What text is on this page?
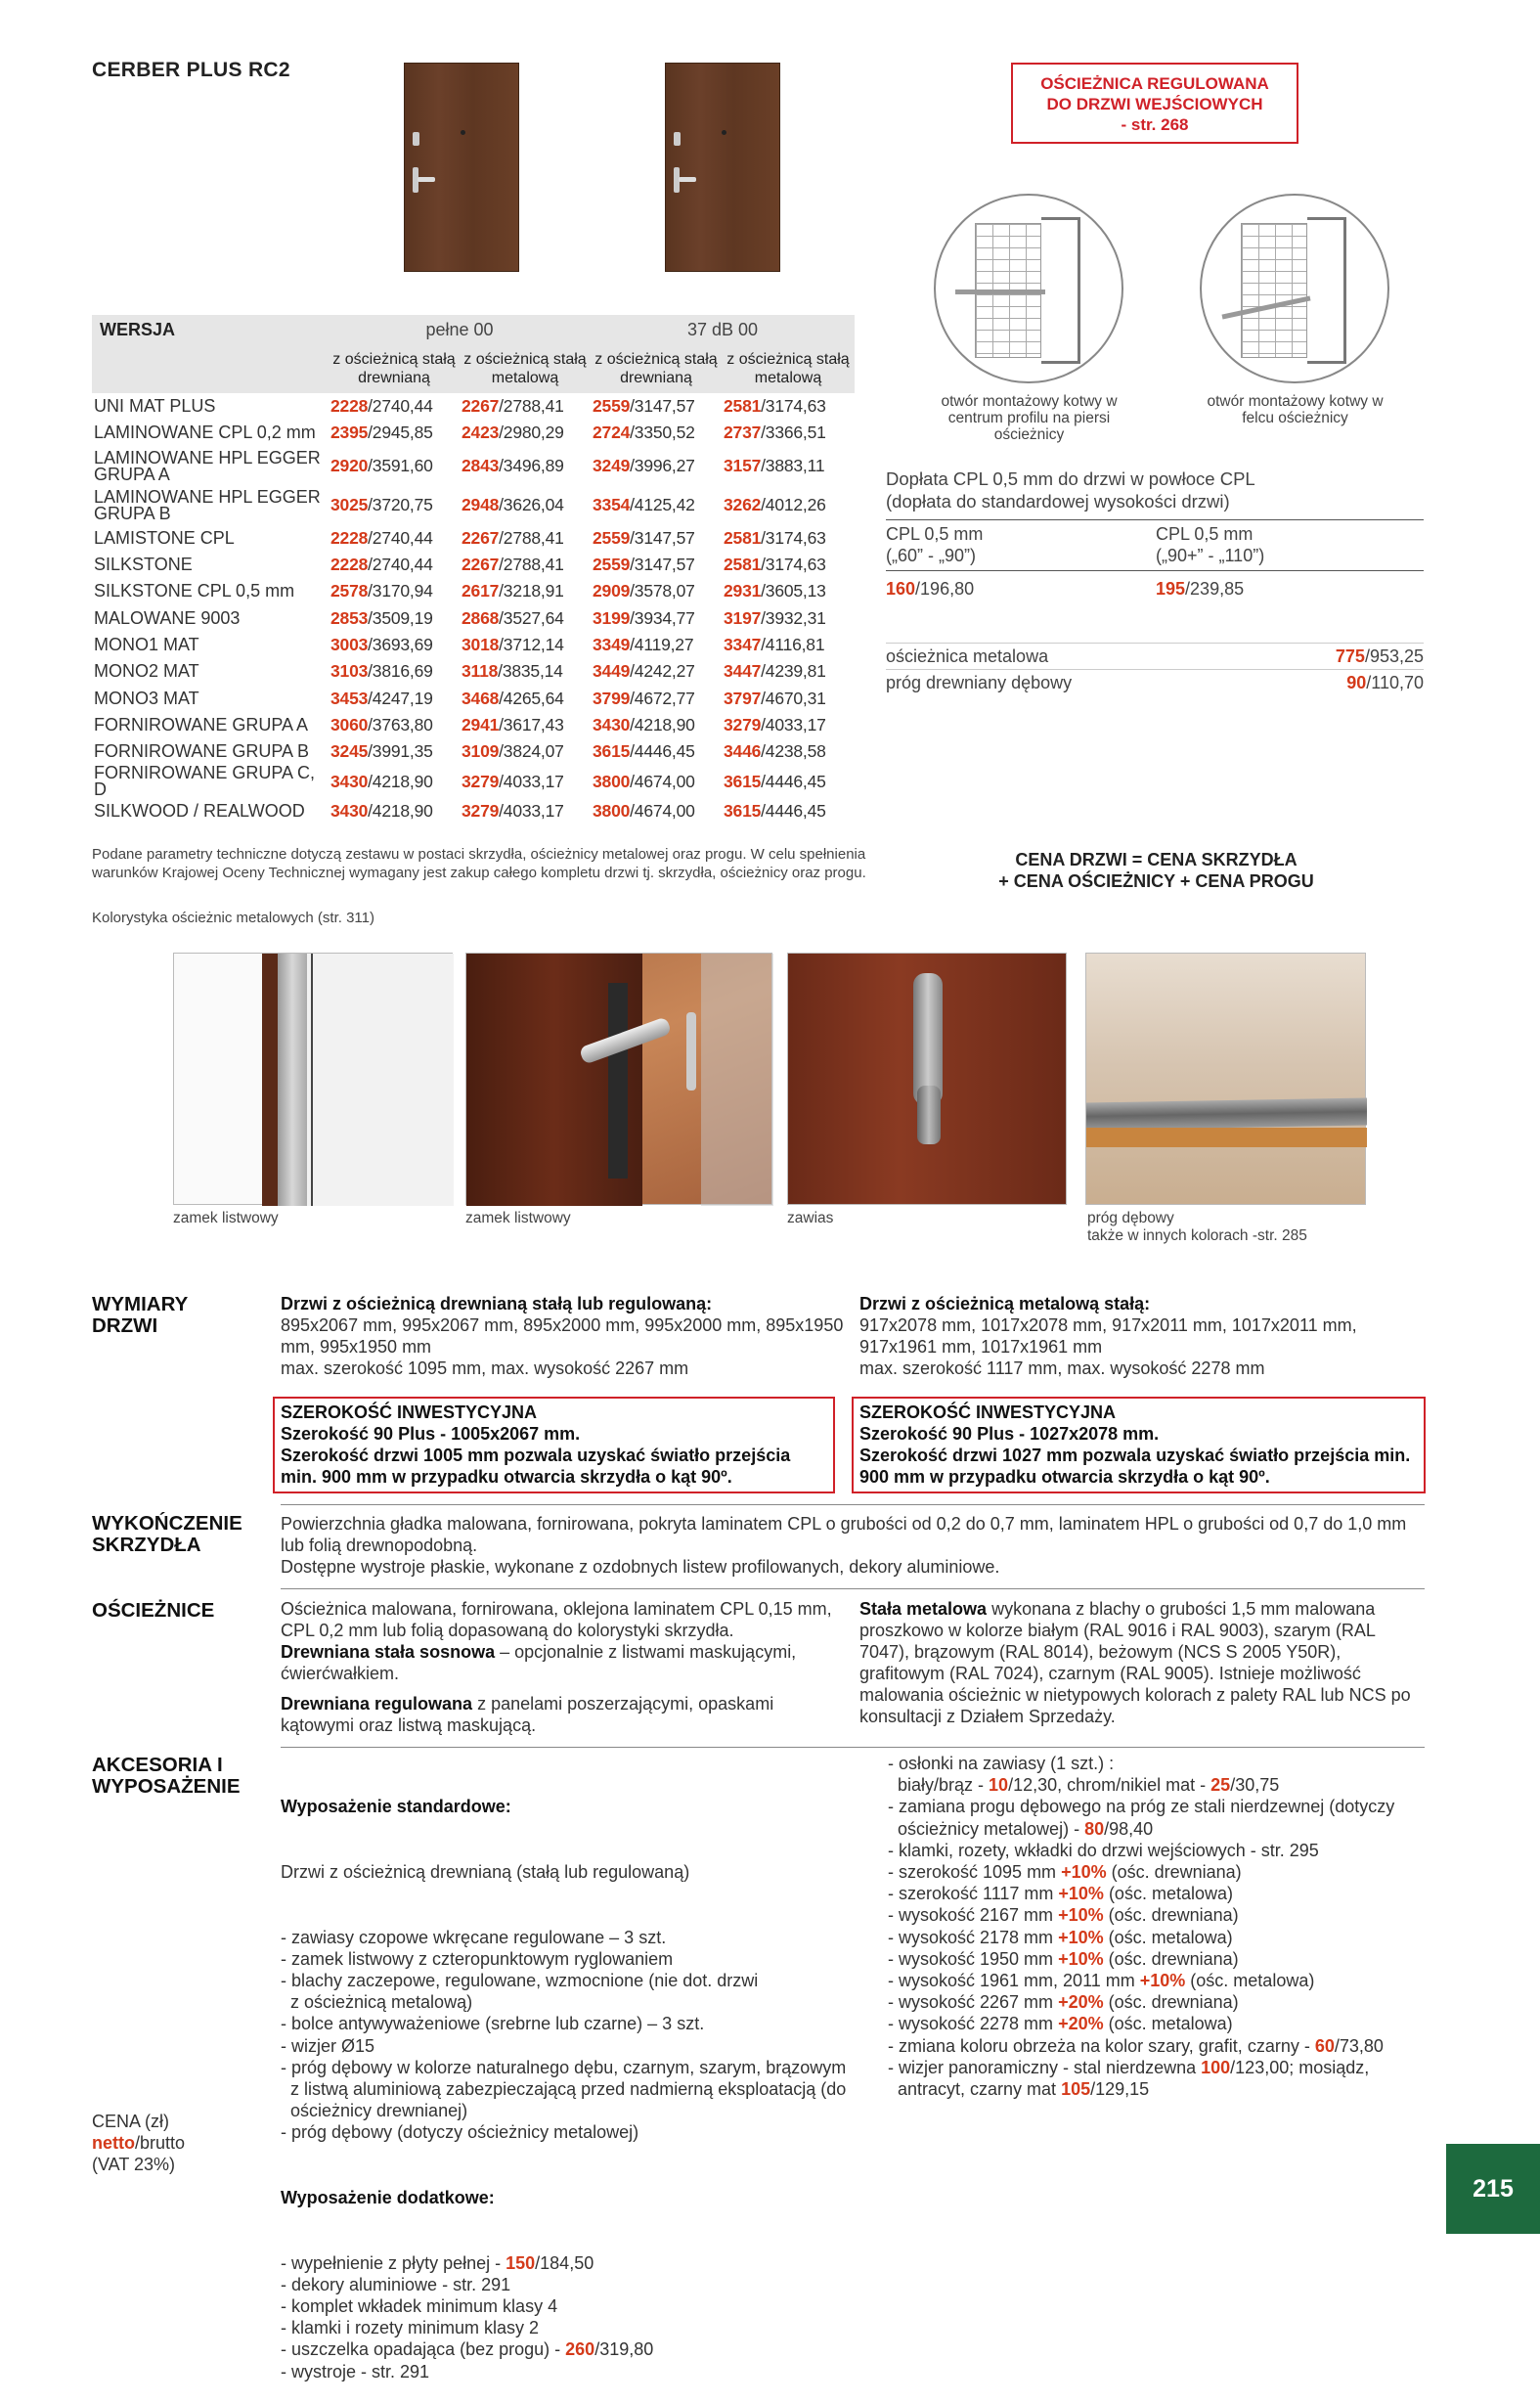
CERBER PLUS RC2
OŚCIEŻNICA REGULOWANA
DO DRZWI WEJŚCIOWYCH
- str. 268
WERSJA	pełne 00		37 dB 00	
	z ościeżnicą stałą drewnianą	z ościeżnicą stałą metalową	z ościeżnicą stałą drewnianą	z ościeżnicą stałą metalową
UNI MAT PLUS	2228/2740,44	2267/2788,41	2559/3147,57	2581/3174,63
LAMINOWANE CPL 0,2 mm	2395/2945,85	2423/2980,29	2724/3350,52	2737/3366,51
LAMINOWANE HPL EGGER GRUPA A	2920/3591,60	2843/3496,89	3249/3996,27	3157/3883,11
LAMINOWANE HPL EGGER GRUPA B	3025/3720,75	2948/3626,04	3354/4125,42	3262/4012,26
LAMISTONE CPL	2228/2740,44	2267/2788,41	2559/3147,57	2581/3174,63
SILKSTONE	2228/2740,44	2267/2788,41	2559/3147,57	2581/3174,63
SILKSTONE CPL 0,5 mm	2578/3170,94	2617/3218,91	2909/3578,07	2931/3605,13
MALOWANE 9003	2853/3509,19	2868/3527,64	3199/3934,77	3197/3932,31
MONO1 MAT	3003/3693,69	3018/3712,14	3349/4119,27	3347/4116,81
MONO2 MAT	3103/3816,69	3118/3835,14	3449/4242,27	3447/4239,81
MONO3 MAT	3453/4247,19	3468/4265,64	3799/4672,77	3797/4670,31
FORNIROWANE GRUPA A	3060/3763,80	2941/3617,43	3430/4218,90	3279/4033,17
FORNIROWANE GRUPA B	3245/3991,35	3109/3824,07	3615/4446,45	3446/4238,58
FORNIROWANE GRUPA C, D	3430/4218,90	3279/4033,17	3800/4674,00	3615/4446,45
SILKWOOD / REALWOOD	3430/4218,90	3279/4033,17	3800/4674,00	3615/4446,45
Podane parametry techniczne dotyczą zestawu w postaci skrzydła, ościeżnicy metalowej oraz progu. W celu spełnienia warunków Krajowej Oceny Technicznej wymagany jest zakup całego kompletu drzwi tj. skrzydła, ościeżnicy oraz progu.
Kolorystyka ościeżnic metalowych (str. 311)
otwór montażowy kotwy w centrum profilu na piersi ościeżnicy
otwór montażowy kotwy w felcu ościeżnicy
Dopłata CPL 0,5 mm do drzwi w powłoce CPL (dopłata do standardowej wysokości drzwi)
CPL 0,5 mm
(„60” - „90”)
CPL 0,5 mm
(„90+” - „110”)
160/196,80	195/239,85
ościeżnica metalowa	775/953,25
próg drewniany dębowy	90/110,70
CENA DRZWI = CENA SKRZYDŁA
+ CENA OŚCIEŻNICY + CENA PROGU
zamek listwowy	zamek listwowy	zawias	próg dębowy
także w innych kolorach -str. 285
WYMIARY DRZWI
Drzwi z ościeżnicą drewnianą stałą lub regulowaną:
895x2067 mm, 995x2067 mm, 895x2000 mm, 995x2000 mm, 895x1950 mm, 995x1950 mm
max. szerokość 1095 mm, max. wysokość 2267 mm
Drzwi z ościeżnicą metalową stałą:
917x2078 mm, 1017x2078 mm, 917x2011 mm, 1017x2011 mm, 917x1961 mm, 1017x1961 mm
max. szerokość 1117 mm, max. wysokość 2278 mm
SZEROKOŚĆ INWESTYCYJNA
Szerokość 90 Plus - 1005x2067 mm.
Szerokość drzwi 1005 mm pozwala uzyskać światło przejścia min. 900 mm w przypadku otwarcia skrzydła o kąt 90º.
SZEROKOŚĆ INWESTYCYJNA
Szerokość 90 Plus - 1027x2078 mm.
Szerokość drzwi 1027 mm pozwala uzyskać światło przejścia min. 900 mm w przypadku otwarcia skrzydła o kąt 90º.
WYKOŃCZENIE SKRZYDŁA
Powierzchnia gładka malowana, fornirowana, pokryta laminatem CPL o grubości od 0,2 do 0,7 mm, laminatem HPL o grubości od 0,7 do 1,0 mm lub folią drewnopodobną.
Dostępne wystroje płaskie, wykonane z ozdobnych listew profilowanych, dekory aluminiowe.
OŚCIEŻNICE	Ościeżnica malowana, fornirowana, oklejona laminatem CPL 0,15 mm, CPL 0,2 mm lub folią dopasowaną do kolorystyki skrzydła.
Drewniana stała sosnowa – opcjonalnie z listwami maskującymi, ćwierćwałkiem.
Drewniana regulowana z panelami poszerzającymi, opaskami kątowymi oraz listwą maskującą.
Stała metalowa wykonana z blachy o grubości 1,5 mm malowana proszkowo w kolorze białym (RAL 9016 i RAL 9003), szarym (RAL 7047), brązowym (RAL 8014), beżowym (NCS S 2005 Y50R), grafitowym (RAL 7024), czarnym (RAL 9005). Istnieje możliwość malowania ościeżnic w nietypowych kolorach z palety RAL lub NCS po konsultacji z Działem Sprzedaży.
AKCESORIA I WYPOSAŻENIE

Wyposażenie standardowe:

Drzwi z ościeżnicą drewnianą (stałą lub regulowaną)

- zawiasy czopowe wkręcane regulowane – 3 szt.
- zamek listwowy z czteropunktowym ryglowaniem
- blachy zaczepowe, regulowane, wzmocnione (nie dot. drzwi
z ościeżnicą metalową)
- bolce antywyważeniowe (srebrne lub czarne) – 3 szt.
- wizjer Ø15
- próg dębowy w kolorze naturalnego dębu, czarnym, szarym, brązowym
z listwą aluminiową zabezpieczającą przed nadmierną eksploatacją (do
ościeżnicy drewnianej)
- próg dębowy (dotyczy ościeżnicy metalowej)

Wyposażenie dodatkowe:

- wypełnienie z płyty pełnej - 150/184,50
- dekory aluminiowe - str. 291
- komplet wkładek minimum klasy 4
- klamki i rozety minimum klasy 2
- uszczelka opadająca (bez progu) - 260/319,80
- wystroje - str. 291

- osłonki na zawiasy (1 szt.) :
biały/brąz - 10/12,30, chrom/nikiel mat - 25/30,75
- zamiana progu dębowego na próg ze stali nierdzewnej (dotyczy
ościeżnicy metalowej) - 80/98,40
- klamki, rozety, wkładki do drzwi wejściowych - str. 295
- szerokość 1095 mm +10% (ośc. drewniana)
- szerokość 1117 mm +10% (ośc. metalowa)
- wysokość 2167 mm +10% (ośc. drewniana)
- wysokość 2178 mm +10% (ośc. metalowa)
- wysokość 1950 mm +10% (ośc. drewniana)
- wysokość 1961 mm, 2011 mm +10% (ośc. metalowa)
- wysokość 2267 mm +20% (ośc. drewniana)
- wysokość 2278 mm +20% (ośc. metalowa)
- zmiana koloru obrzeża na kolor szary, grafit, czarny - 60/73,80
- wizjer panoramiczny - stal nierdzewna 100/123,00; mosiądz,
antracyt, czarny mat 105/129,15
CENA (zł)
netto/brutto
(VAT 23%)
215
